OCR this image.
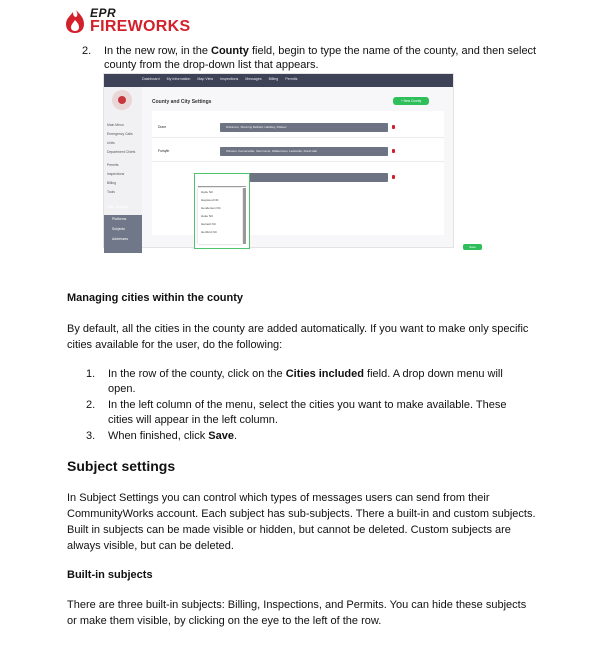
EPR
FIREWORKS
2. In the new row, in the County field, begin to type the name of the county, and then select county from the drop-down list that appears.
Dashboard My Information Map View Inspections Messages Billing Permits
Main Menu
Emergency Calls
Units
Department Chiefs
Permits
Inspections
Billing
Tools
Misc. Settings
Platforms
Subjects
Addresses
County and City Settings	+ New County
Dunn	Dickinson, Manning Belfield, Halliday, Killdeer
Forsyth	Winston, Kernersville, Clemmons, Walkertown, Lewisville, Rural Hall
Hyde NC
Haywood NC
Henderson NC
Hoke NC
Harnett NC
Hertford NC
Save
Managing cities within the county
By default, all the cities in the county are added automatically. If you want to make only specific cities available for the user, do the following:
1. In the row of the county, click on the Cities included field. A drop down menu will open.
2. In the left column of the menu, select the cities you want to make available. These cities will appear in the left column.
3. When finished, click Save.
Subject settings
In Subject Settings you can control which types of messages users can send from their CommunityWorks account. Each subject has sub-subjects. There a built-in and custom subjects. Built in subjects can be made visible or hidden, but cannot be deleted. Custom subjects are always visible, but can be deleted.
Built-in subjects
There are three built-in subjects: Billing, Inspections, and Permits. You can hide these subjects or make them visible, by clicking on the eye to the left of the row.
